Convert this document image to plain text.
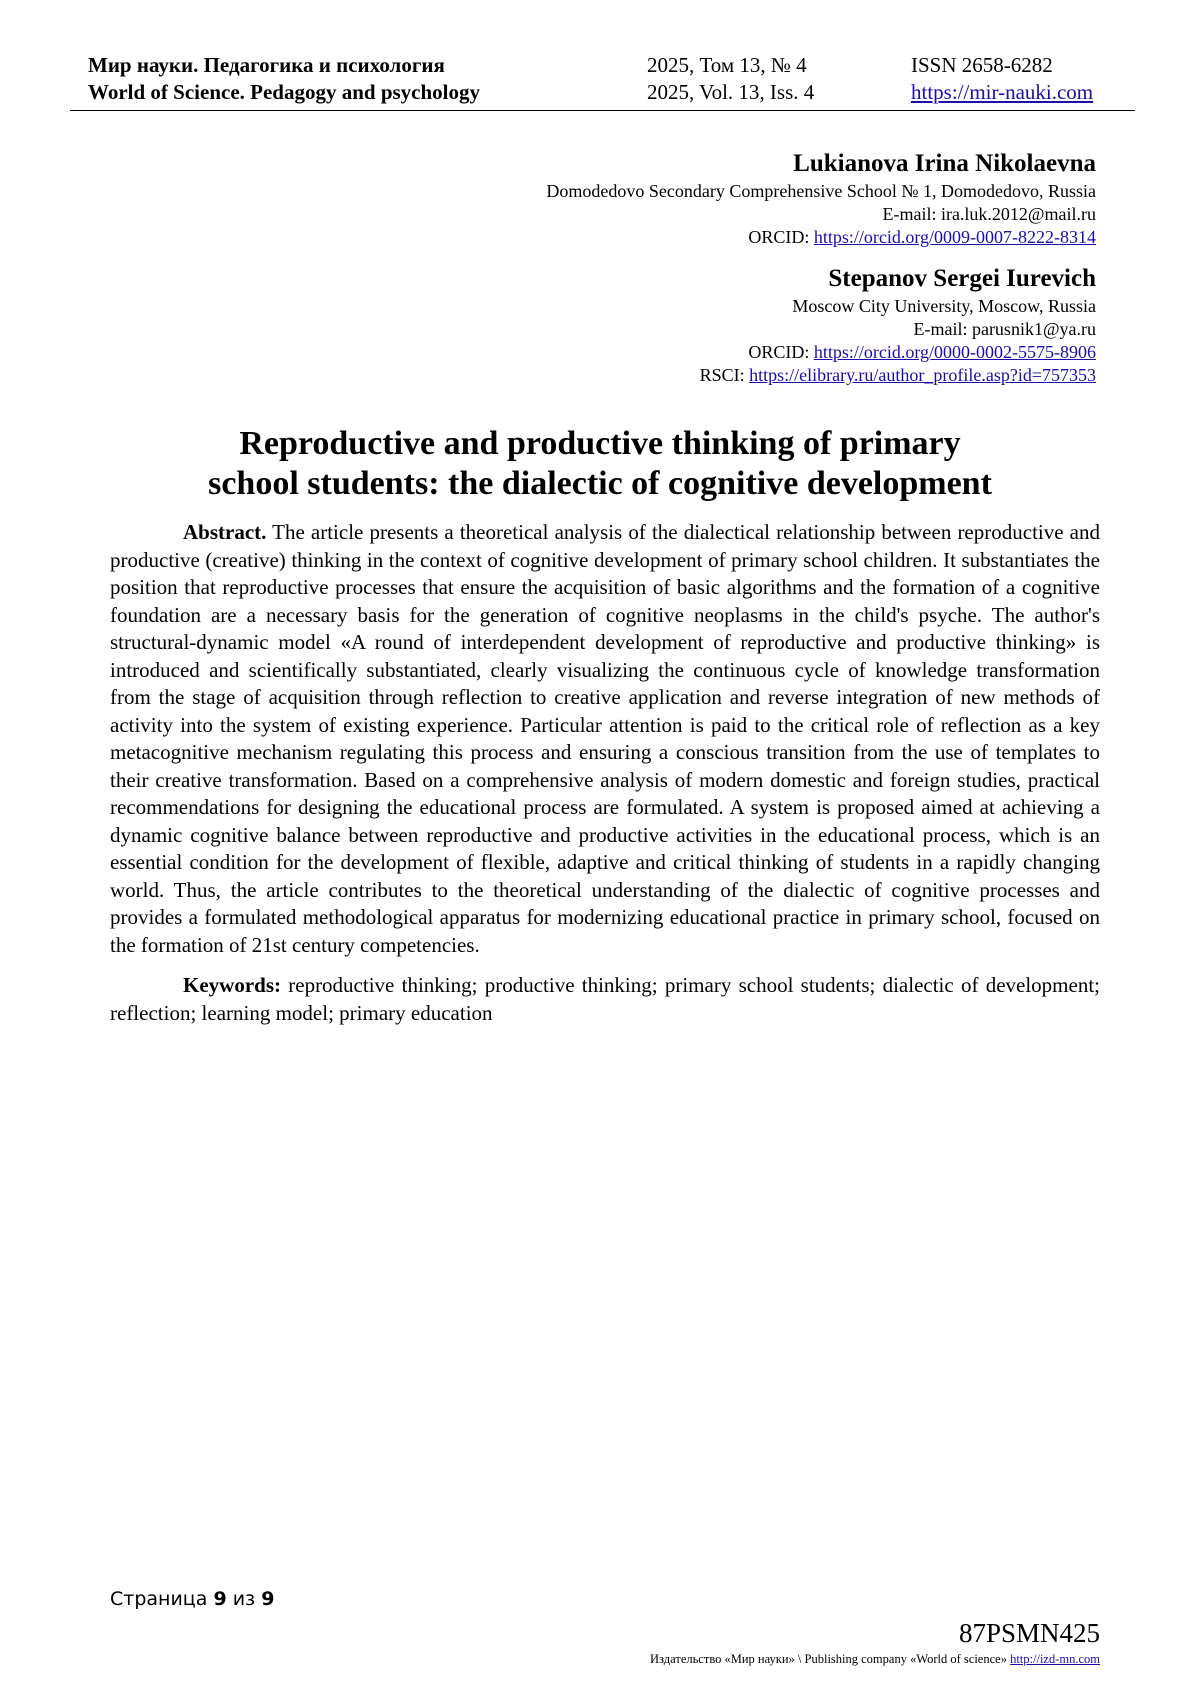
Мир науки. Педагогика и психология
World of Science. Pedagogy and psychology
2025, Том 13, № 4
2025, Vol. 13, Iss. 4
ISSN 2658-6282
https://mir-nauki.com
Lukianova Irina Nikolaevna
Domodedovo Secondary Comprehensive School № 1, Domodedovo, Russia
E-mail: ira.luk.2012@mail.ru
ORCID: https://orcid.org/0009-0007-8222-8314
Stepanov Sergei Iurevich
Moscow City University, Moscow, Russia
E-mail: parusnik1@ya.ru
ORCID: https://orcid.org/0000-0002-5575-8906
RSCI: https://elibrary.ru/author_profile.asp?id=757353
Reproductive and productive thinking of primary
school students: the dialectic of cognitive development

Abstract. The article presents a theoretical analysis of the dialectical relationship between reproductive and productive (creative) thinking in the context of cognitive development of primary school children. It substantiates the position that reproductive processes that ensure the acquisition of basic algorithms and the formation of a cognitive foundation are a necessary basis for the generation of cognitive neoplasms in the child's psyche. The author's structural-dynamic model «A round of interdependent development of reproductive and productive thinking» is introduced and scientifically substantiated, clearly visualizing the continuous cycle of knowledge transformation from the stage of acquisition through reflection to creative application and reverse integration of new methods of activity into the system of existing experience. Particular attention is paid to the critical role of reflection as a key metacognitive mechanism regulating this process and ensuring a conscious transition from the use of templates to their creative transformation. Based on a comprehensive analysis of modern domestic and foreign studies, practical recommendations for designing the educational process are formulated. A system is proposed aimed at achieving a dynamic cognitive balance between reproductive and productive activities in the educational process, which is an essential condition for the development of flexible, adaptive and critical thinking of students in a rapidly changing world. Thus, the article contributes to the theoretical understanding of the dialectic of cognitive processes and provides a formulated methodological apparatus for modernizing educational practice in primary school, focused on the formation of 21st century competencies.

Keywords: reproductive thinking; productive thinking; primary school students; dialectic of development; reflection; learning model; primary education

Страница 9 из 9
87PSMN425
Издательство «Мир науки» \ Publishing company «World of science» http://izd-mn.com
